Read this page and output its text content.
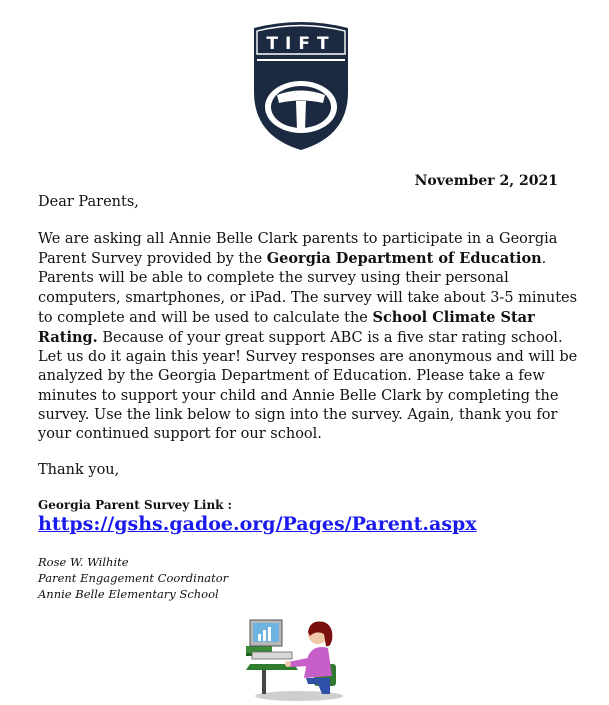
TIFT
November 2, 2021
Dear Parents,

We are asking all Annie Belle Clark parents to participate in a Georgia Parent Survey provided by the Georgia Department of Education. Parents will be able to complete the survey using their personal computers, smartphones, or iPad. The survey will take about 3-5 minutes to complete and will be used to calculate the School Climate Star Rating. Because of your great support ABC is a five star rating school. Let us do it again this year! Survey responses are anonymous and will be analyzed by the Georgia Department of Education. Please take a few minutes to support your child and Annie Belle Clark by completing the survey. Use the link below to sign into the survey. Again, thank you for your continued support for our school.

Thank you,
Georgia Parent Survey Link :
https://gshs.gadoe.org/Pages/Parent.aspx
Rose W. Wilhite
Parent Engagement Coordinator
Annie Belle Elementary School
